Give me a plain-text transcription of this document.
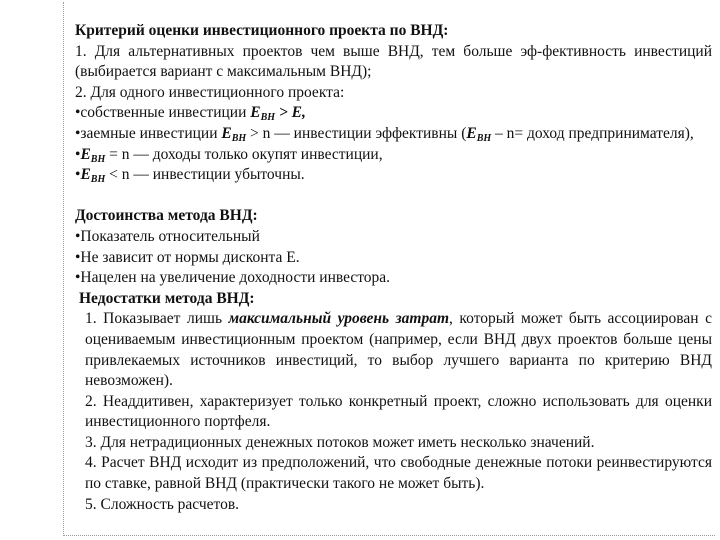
Критерий оценки инвестиционного проекта по ВНД:

1. Для альтернативных проектов чем выше ВНД, тем больше эф-фективность инвестиций (выбирается вариант с максимальным ВНД);

2. Для одного инвестиционного проекта:

•собственные инвестиции $E_{ВН} > E$,

•заемные инвестиции $E_{ВН} > n$ — инвестиции эффективны ($E_{ВН} - n=$ доход предпринимателя),

$•E_{ВН} = n$ — доходы только окупят инвестиции,

$•E_{ВН} < n$ — инвестиции убыточны.

Достоинства метода ВНД:

•Показатель относительный

•Не зависит от нормы дисконта Е.

•Нацелен на увеличение доходности инвестора.

Недостатки метода ВНД:

1. Показывает лишь максимальный уровень затрат, который может быть ассоциирован с оцениваемым инвестиционным проектом (например, если ВНД двух проектов больше цены привлекаемых источников инвестиций, то выбор лучшего варианта по критерию ВНД невозможен).

2. Неаддитивен, характеризует только конкретный проект, сложно использовать для оценки инвестиционного портфеля.

3. Для нетрадиционных денежных потоков может иметь несколько значений.

4. Расчет ВНД исходит из предположений, что свободные денежные потоки реинвестируются по ставке, равной ВНД (практически такого не может быть).

5. Сложность расчетов.
